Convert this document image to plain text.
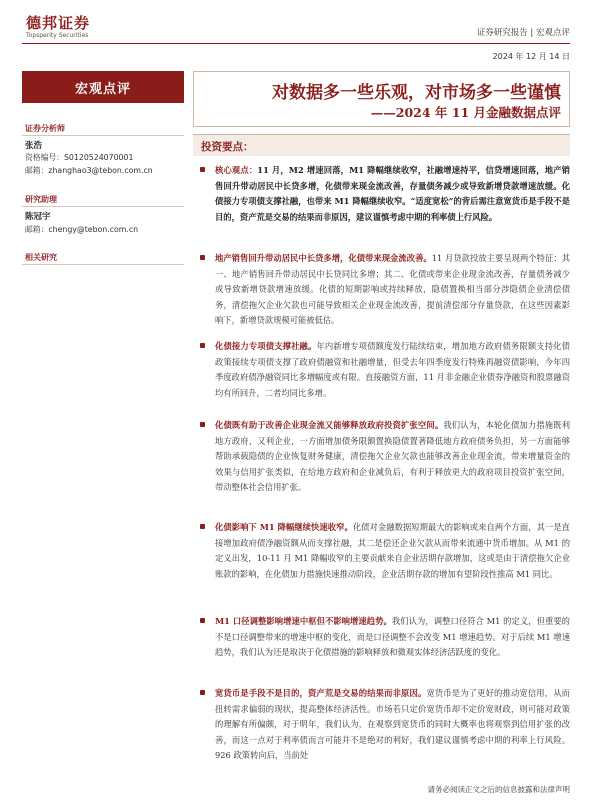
德邦证券
Topsperity Securities	证券研究报告 | 宏观点评
2024 年 12 月 14 日
宏观点评
证券分析师
张浩
资格编号：S0120524070001
邮箱：zhanghao3@tebon.com.cn
研究助理
陈冠宇
邮箱：chengy@tebon.com.cn
相关研究
对数据多一些乐观，对市场多一些谨慎
——2024 年 11 月金融数据点评
投资要点：
核心观点：11 月，M2 增速回落，M1 降幅继续收窄，社融增速持平，信贷增速回落，地产销售回升带动居民中长贷多增，化债带来现金流改善，存量债务减少或导致新增贷款增速放缓。化债接力专项债支撑社融，也带来 M1 降幅继续收窄。“适度宽松”的背后需注意宽货币是手段不是目的，资产荒是交易的结果而非原因，建议谨慎考虑中期的利率债上行风险。
地产销售回升带动居民中长贷多增，化债带来现金流改善。11 月贷款投放主要呈现两个特征：其一、地产销售回升带动居民中长贷同比多增；其二、化债或带来企业现金流改善，存量债务减少或导致新增贷款增速放缓。化债的短期影响或持续释放，隐债置换相当部分涉隐债企业清偿债务，清偿拖欠企业欠款也可能导致相关企业现金流改善，提前清偿部分存量贷款，在这些因素影响下，新增贷款规模可能被低估。
化债接力专项债支撑社融。年内新增专项债额度发行陆续结束，增加地方政府债务限额支持化债政策接续专项债支撑了政府债融资和社融增量，但受去年四季度发行特殊再融资债影响，今年四季度政府债净融资同比多增幅度或有限。直接融资方面，11 月非金融企业债券净融资和股票融资均有所回升，二者均同比多增。
化债既有助于改善企业现金流又能够释放政府投资扩张空间。我们认为，本轮化债加力措施既利地方政府，又利企业，一方面增加债务限额置换隐债置著降低地方政府债务负担，另一方面能够帮助承载隐债的企业恢复财务健康，清偿拖欠企业欠款也能够改善企业现金流，带来增量资金的效果与信用扩张类似，在给地方政府和企业减负后，有利于释放更大的政府项目投资扩张空间，带动整体社会信用扩张。
化债影响下 M1 降幅继续快速收窄。化债对金融数据短期最大的影响或来自两个方面，其一是直接增加政府债净融资额从而支撑社融，其二是偿还企业欠款从而带来流通中货币增加。从 M1 的定义出发，10-11 月 M1 降幅收窄的主要贡献来自企业活期存款增加，这或是由于清偿拖欠企业账款的影响，在化债加力措施快速推动阶段，企业活期存款的增加有望阶段性推高 M1 同比。
M1 口径调整影响增速中枢但不影响增速趋势。我们认为，调整口径符合 M1 的定义，但重要的不是口径调整带来的增速中枢的变化，而是口径调整不会改变 M1 增速趋势。对于后续 M1 增速趋势，我们认为还是取决于化债措施的影响释放和微观实体经济活跃度的变化。
宽货币是手段不是目的，资产荒是交易的结果而非原因。宽货币是为了更好的推动宽信用，从而扭转需求偏弱的现状，提高整体经济活性。市场若只定价宽货币却不定价宽财政，则可能对政策的理解有所偏颇，对于明年，我们认为，在观察到宽货币的同时大概率也将观察到信用扩张的改善，而这一点对于利率债而言可能并不是绝对的利好，我们建议谨慎考虑中期的利率上行风险。926 政策转向后，当前处
请务必阅读正文之后的信息披露和法律声明
